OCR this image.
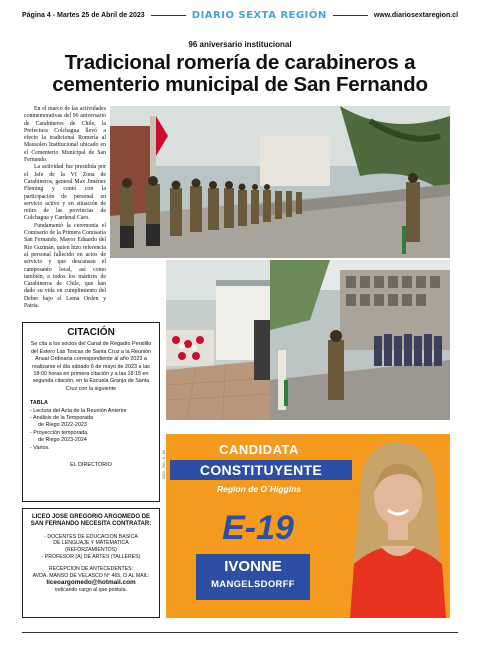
Página 4 - Martes 25 de Abril de 2023	DIARIO SEXTA REGIÓN	www.diariosextaregion.cl
96 aniversario institucional
Tradicional romería de carabineros a cementerio municipal de San Fernando

En el marco de las actividades conmemorativas del 96 aniversario de Carabineros de Chile, la Prefectura Colchagua llevó a efecto la tradicional Romería al Mausoleo Institucional ubicado en el Cementerio Municipal de San Fernando.

La actividad fue presidida por el Jefe de la VI Zona de Carabineros, general Max Jiménez Fleming y contó con la participación de personal en servicio activo y en situación de retiro de las provincias de Colchagua y Cardenal Caro.

Fundamentó la ceremonia el Comisario de la Primera Comisaría San Fernando, Mayor Eduardo del Río Guzmán, quien hizo referencia al personal fallecido en actos de servicio y que descansan el camposanto local, así como también, a todos los mártires de Carabineros de Chile, que han dado su vida en cumplimiento del Deber bajo el Lema Orden y Patria.

CITACIÓN
Se cita a los socios del Canal de Regadío Peralillo del Estero Las Toscas de Santa Cruz a la Reunión Anual Ordinaria correspondiente al año 2023 a realizarse el día sábado 6 de mayo de 2023 a las 18:00 horas en primera citación y a las 18:15 en segunda citación, en la Escuela Granja de Santa Cruz con la siguiente
TABLA
- Lectura del Acta de la Reunión Anterior
- Análisis de la Temporada
de Riego 2022-2023
- Proyección temporada
de Riego 2023-2024
- Varios.
EL DIRECTORIO	0023 - 300 - 8 - AV
LICEO JOSE GREGORIO ARGOMEDO DE SAN FERNANDO NECESITA CONTRATAR:
- DOCENTES DE EDUCACION BASICA
DE LENGUAJE Y MATEMATICA
(REFORZAMIENTOS)
- PROFESOR (A) DE ARTES (TALLERES)
RECEPCION DE ANTECEDENTES:
AVDA. MANSO DE VELASCO N° 465, O AL MAIL:
liceoargomedo@hotmail.com
indicando cargo al que postula.
CANDIDATA
CONSTITUYENTE
Region de O´Higgins
E-19
IVONNE
MANGELSDORFF
